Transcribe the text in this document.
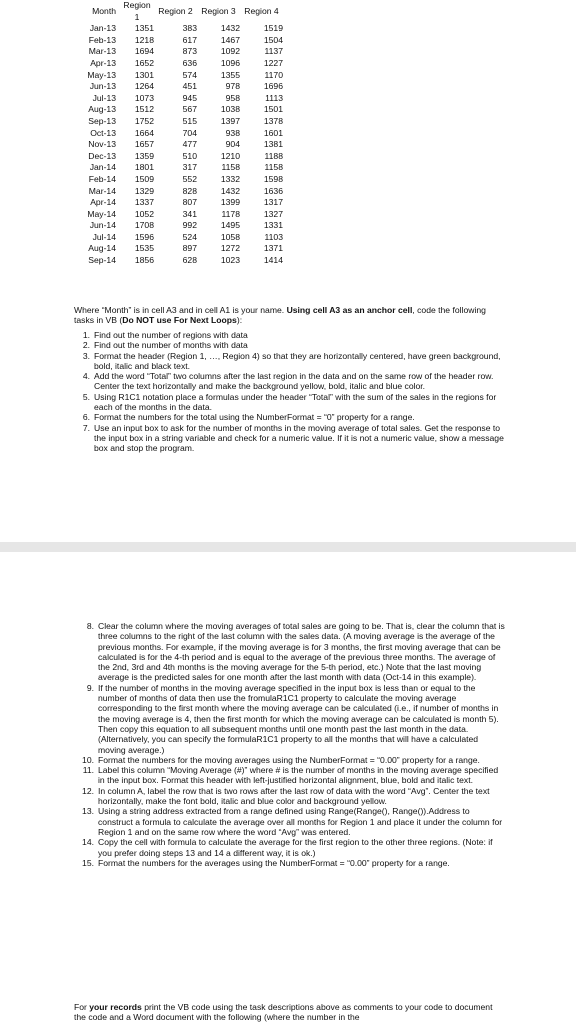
Month	Region 1	Region 2	Region 3	Region 4
Jan-13	1351	383	1432	1519
Feb-13	1218	617	1467	1504
Mar-13	1694	873	1092	1137
Apr-13	1652	636	1096	1227
May-13	1301	574	1355	1170
Jun-13	1264	451	978	1696
Jul-13	1073	945	958	1113
Aug-13	1512	567	1038	1501
Sep-13	1752	515	1397	1378
Oct-13	1664	704	938	1601
Nov-13	1657	477	904	1381
Dec-13	1359	510	1210	1188
Jan-14	1801	317	1158	1158
Feb-14	1509	552	1332	1598
Mar-14	1329	828	1432	1636
Apr-14	1337	807	1399	1317
May-14	1052	341	1178	1327
Jun-14	1708	992	1495	1331
Jul-14	1596	524	1058	1103
Aug-14	1535	897	1272	1371
Sep-14	1856	628	1023	1414
Where “Month” is in cell A3 and in cell A1 is your name. Using cell A3 as an anchor cell, code the following tasks in VB (Do NOT use For Next Loops):
1. Find out the number of regions with data
2. Find out the number of months with data
3. Format the header (Region 1, …, Region 4) so that they are horizontally centered, have green background, bold, italic and black text.
4. Add the word “Total” two columns after the last region in the data and on the same row of the header row. Center the text horizontally and make the background yellow, bold, italic and blue color.
5. Using R1C1 notation place a formulas under the header “Total” with the sum of the sales in the regions for each of the months in the data.
6. Format the numbers for the total using the NumberFormat = “0” property for a range.
7. Use an input box to ask for the number of months in the moving average of total sales. Get the response to the input box in a string variable and check for a numeric value. If it is not a numeric value, show a message box and stop the program.
8. Clear the column where the moving averages of total sales are going to be. That is, clear the column that is three columns to the right of the last column with the sales data. (A moving average is the average of the previous months. For example, if the moving average is for 3 months, the first moving average that can be calculated is for the 4-th period and is equal to the average of the previous three months. The average of the 2nd, 3rd and 4th months is the moving average for the 5-th period, etc.) Note that the last moving average is the predicted sales for one month after the last month with data (Oct-14 in this example).
9. If the number of months in the moving average specified in the input box is less than or equal to the number of months of data then use the fromulaR1C1 property to calculate the moving average corresponding to the first month where the moving average can be calculated (i.e., if number of months in the moving average is 4, then the first month for which the moving average can be calculated is month 5). Then copy this equation to all subsequent months until one month past the last month in the data. (Alternatively, you can specify the formulaR1C1 property to all the months that will have a calculated moving average.)
10. Format the numbers for the moving averages using the NumberFormat = “0.00” property for a range.
11. Label this column “Moving Average (#)” where # is the number of months in the moving average specified in the input box. Format this header with left-justified horizontal alignment, blue, bold and italic text.
12. In column A, label the row that is two rows after the last row of data with the word “Avg”. Center the text horizontally, make the font bold, italic and blue color and background yellow.
13. Using a string address extracted from a range defined using Range(Range(), Range()).Address to construct a formula to calculate the average over all months for Region 1 and place it under the column for Region 1 and on the same row where the word “Avg” was entered.
14. Copy the cell with formula to calculate the average for the first region to the other three regions. (Note: if you prefer doing steps 13 and 14 a different way, it is ok.)
15. Format the numbers for the averages using the NumberFormat = “0.00” property for a range.
For your records print the VB code using the task descriptions above as comments to your code to document the code and a Word document with the following (where the number in the
